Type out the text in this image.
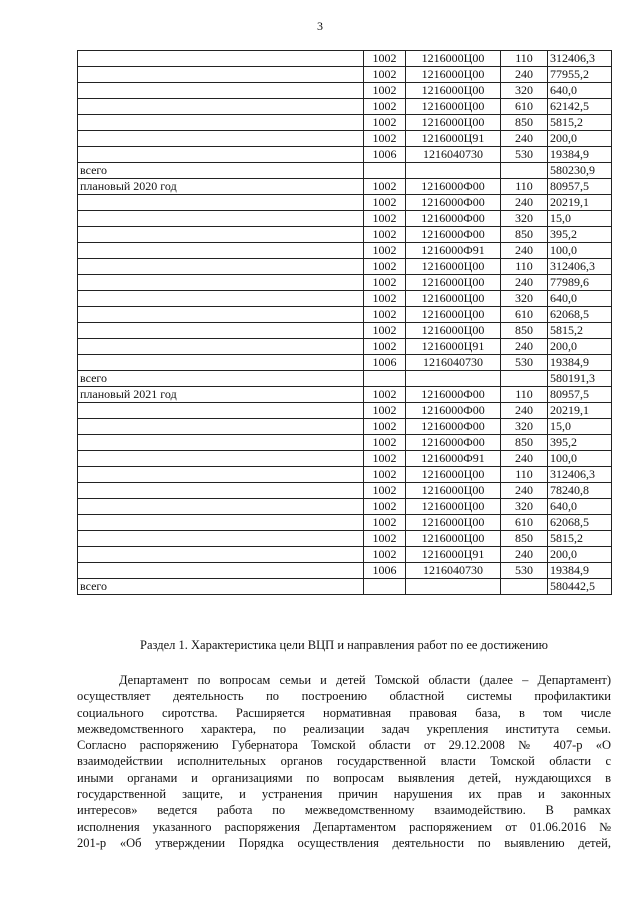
3
	1002	1216000Ц00	110	312406,3
	1002	1216000Ц00	240	77955,2
	1002	1216000Ц00	320	640,0
	1002	1216000Ц00	610	62142,5
	1002	1216000Ц00	850	5815,2
	1002	1216000Ц91	240	200,0
	1006	1216040730	530	19384,9
всего				580230,9
плановый 2020 год	1002	1216000Ф00	110	80957,5
	1002	1216000Ф00	240	20219,1
	1002	1216000Ф00	320	15,0
	1002	1216000Ф00	850	395,2
	1002	1216000Ф91	240	100,0
	1002	1216000Ц00	110	312406,3
	1002	1216000Ц00	240	77989,6
	1002	1216000Ц00	320	640,0
	1002	1216000Ц00	610	62068,5
	1002	1216000Ц00	850	5815,2
	1002	1216000Ц91	240	200,0
	1006	1216040730	530	19384,9
всего				580191,3
плановый 2021 год	1002	1216000Ф00	110	80957,5
	1002	1216000Ф00	240	20219,1
	1002	1216000Ф00	320	15,0
	1002	1216000Ф00	850	395,2
	1002	1216000Ф91	240	100,0
	1002	1216000Ц00	110	312406,3
	1002	1216000Ц00	240	78240,8
	1002	1216000Ц00	320	640,0
	1002	1216000Ц00	610	62068,5
	1002	1216000Ц00	850	5815,2
	1002	1216000Ц91	240	200,0
	1006	1216040730	530	19384,9
всего				580442,5
Раздел 1. Характеристика цели ВЦП и направления работ по ее достижению

Департамент по вопросам семьи и детей Томской области (далее – Департамент)

осуществляет деятельность по построению областной системы профилактики

социального сиротства. Расширяется нормативная правовая база, в том числе

межведомственного характера, по реализации задач укрепления института семьи.

Согласно распоряжению Губернатора Томской области от 29.12.2008 № 407-р «О

взаимодействии исполнительных органов государственной власти Томской области с

иными органами и организациями по вопросам выявления детей, нуждающихся в

государственной защите, и устранения причин нарушения их прав и законных

интересов» ведется работа по межведомственному взаимодействию. В рамках

исполнения указанного распоряжения Департаментом распоряжением от 01.06.2016 №

201-р «Об утверждении Порядка осуществления деятельности по выявлению детей,
